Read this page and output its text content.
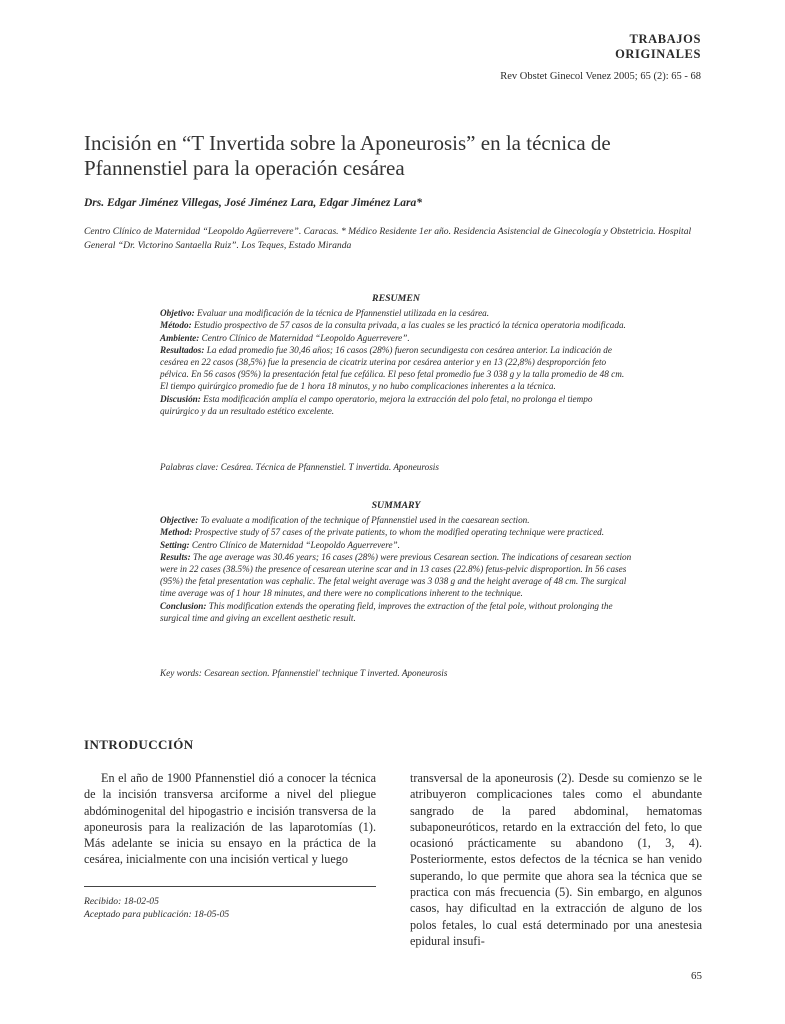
TRABAJOS ORIGINALES
Rev Obstet Ginecol Venez 2005; 65 (2): 65 - 68
Incisión en “T Invertida sobre la Aponeurosis” en la técnica de Pfannenstiel para la operación cesárea
Drs. Edgar Jiménez Villegas, José Jiménez Lara, Edgar Jiménez Lara*
Centro Clínico de Maternidad “Leopoldo Agüerrevere”. Caracas. * Médico Residente 1er año. Residencia Asistencial de Ginecología y Obstetricia. Hospital General “Dr. Victorino Santaella Ruiz”. Los Teques, Estado Miranda
RESUMEN

Objetivo: Evaluar una modificación de la técnica de Pfannenstiel utilizada en la cesárea.

Método: Estudio prospectivo de 57 casos de la consulta privada, a las cuales se les practicó la técnica operatoria modificada.

Ambiente: Centro Clínico de Maternidad “Leopoldo Aguerrevere”.

Resultados: La edad promedio fue 30,46 años; 16 casos (28%) fueron secundigesta con cesárea anterior. La indicación de cesárea en 22 casos (38,5%) fue la presencia de cicatriz uterina por cesárea anterior y en 13 (22,8%) desproporción feto pélvica. En 56 casos (95%) la presentación fetal fue cefálica. El peso fetal promedio fue 3 038 g y la talla promedio de 48 cm. El tiempo quirúrgico promedio fue de 1 hora 18 minutos, y no hubo complicaciones inherentes a la técnica.

Discusión: Esta modificación amplía el campo operatorio, mejora la extracción del polo fetal, no prolonga el tiempo quirúrgico y da un resultado estético excelente.

Palabras clave: Cesárea. Técnica de Pfannenstiel. T invertida. Aponeurosis
SUMMARY

Objective: To evaluate a modification of the technique of Pfannenstiel used in the caesarean section.

Method: Prospective study of 57 cases of the private patients, to whom the modified operating technique were practiced.

Setting: Centro Clínico de Maternidad “Leopoldo Aguerrevere”.

Results: The age average was 30.46 years; 16 cases (28%) were previous Cesarean section. The indications of cesarean section were in 22 cases (38.5%) the presence of cesarean uterine scar and in 13 cases (22.8%) fetus-pelvic disproportion. In 56 cases (95%) the fetal presentation was cephalic. The fetal weight average was 3 038 g and the height average of 48 cm. The surgical time average was of 1 hour 18 minutes, and there were no complications inherent to the technique.

Conclusion: This modification extends the operating field, improves the extraction of the fetal pole, without prolonging the surgical time and giving an excellent aesthetic result.

Key words: Cesarean section. Pfannenstiel' technique T inverted. Aponeurosis
INTRODUCCIÓN
En el año de 1900 Pfannenstiel dió a conocer la técnica de la incisión transversa arciforme a nivel del pliegue abdóminogenital del hipogastrio e incisión transversa de la aponeurosis para la realización de las laparotomías (1). Más adelante se inicia su ensayo en la práctica de la cesárea, inicialmente con una incisión vertical y luego
transversal de la aponeurosis (2). Desde su comienzo se le atribuyeron complicaciones tales como el abundante sangrado de la pared abdominal, hematomas subaponeuróticos, retardo en la extracción del feto, lo que ocasionó prácticamente su abandono (1, 3, 4). Posteriormente, estos defectos de la técnica se han venido superando, lo que permite que ahora sea la técnica que se practica con más frecuencia (5). Sin embargo, en algunos casos, hay dificultad en la extracción de alguno de los polos fetales, lo cual está determinado por una anestesia epidural insufi-
Recibido: 18-02-05
Aceptado para publicación: 18-05-05
65
